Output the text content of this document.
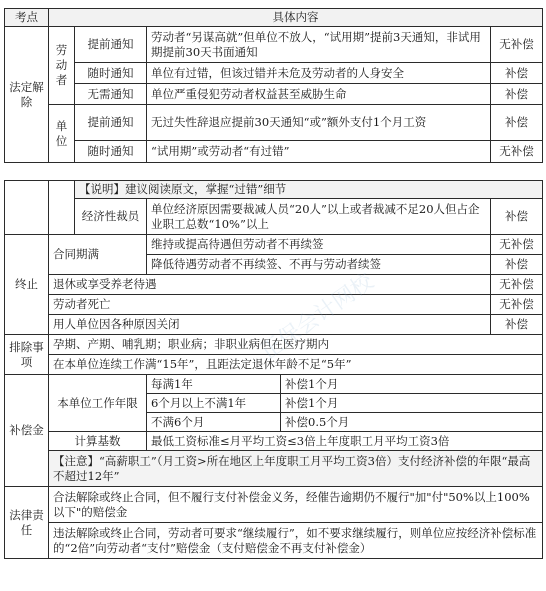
考点	具体内容			
法定解除	劳动者	提前通知	劳动者“另谋高就”但单位不放人，“试用期”提前3天通知，非试用期提前30天书面通知	无补偿
		随时通知	单位有过错，但该过错并未危及劳动者的人身安全	补偿
		无需通知	单位严重侵犯劳动者权益甚至威胁生命	补偿
	单位	提前通知	无过失性辞退应提前30天通知“或”额外支付1个月工资	补偿
		随时通知	“试用期”或劳动者“有过错”	无补偿
		【说明】建议阅读原文，掌握“过错”细节			
		经济性裁员	单位经济原因需要裁减人员“20人”以上或者裁减不足20人但占企业职工总数“10%”以上		补偿
终止	合同期满		维持或提高待遇但劳动者不再续签		无补偿
			降低待遇劳动者不再续签、不再与劳动者续签		补偿
	退休或享受养老待遇				无补偿
	劳动者死亡				无补偿
	用人单位因各种原因关闭				补偿
排除事项	孕期、产期、哺乳期；职业病；非职业病但在医疗期内				
	在本单位连续工作满“15年”，且距法定退休年龄不足“5年”				
补偿金	本单位工作年限		每满1年	补偿1个月	
			6个月以上不满1年	补偿1个月	
			不满6个月	补偿0.5个月	
	计算基数		最低工资标准≤月平均工资≤3倍上年度职工月平均工资3倍		
	【注意】“高薪职工”（月工资>所在地区上年度职工月平均工资3倍）支付经济补偿的年限“最高不超过12年”				
法律责任	合法解除或终止合同，但不履行支付补偿金义务，经催告逾期仍不履行"加"付"50%以上100%以下"的赔偿金				
	违法解除或终止合同，劳动者可要求“继续履行”，如不要求继续履行，则单位应按经济补偿标准的“2倍”向劳动者“支付”赔偿金（支付赔偿金不再支付补偿金）				
正保会计网校
